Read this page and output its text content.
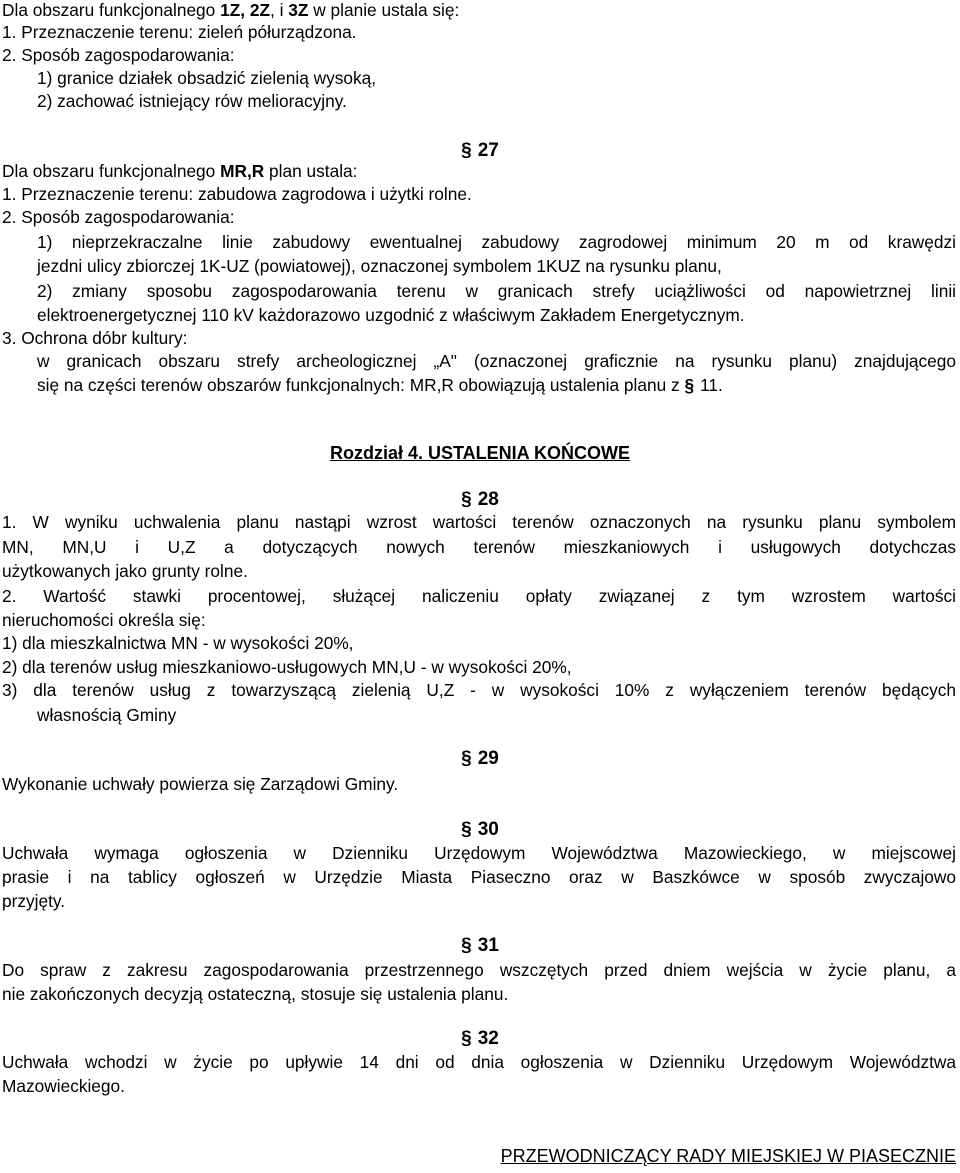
Dla obszaru funkcjonalnego 1Z, 2Z, i 3Z w planie ustala się:
1. Przeznaczenie terenu: zieleń półurządzona.
2. Sposób zagospodarowania:
1) granice działek obsadzić zielenią wysoką,
2) zachować istniejący rów melioracyjny.
§ 27
Dla obszaru funkcjonalnego MR,R plan ustala:
1. Przeznaczenie terenu: zabudowa zagrodowa i użytki rolne.
2. Sposób zagospodarowania:
1) nieprzekraczalne linie zabudowy ewentualnej zabudowy zagrodowej minimum 20 m od krawędzi
jezdni ulicy zbiorczej 1K-UZ (powiatowej), oznaczonej symbolem 1KUZ na rysunku planu,
2) zmiany sposobu zagospodarowania terenu w granicach strefy uciążliwości od napowietrznej linii
elektroenergetycznej 110 kV każdorazowo uzgodnić z właściwym Zakładem Energetycznym.
3. Ochrona dóbr kultury:
w granicach obszaru strefy archeologicznej „A" (oznaczonej graficznie na rysunku planu) znajdującego
się na części terenów obszarów funkcjonalnych: MR,R obowiązują ustalenia planu z § 11.
Rozdział 4. USTALENIA KOŃCOWE
§ 28
1. W wyniku uchwalenia planu nastąpi wzrost wartości terenów oznaczonych na rysunku planu symbolem
MN, MN,U i U,Z a dotyczących nowych terenów mieszkaniowych i usługowych dotychczas
użytkowanych jako grunty rolne.
2. Wartość stawki procentowej, służącej naliczeniu opłaty związanej z tym wzrostem wartości
nieruchomości określa się:
1) dla mieszkalnictwa MN - w wysokości 20%,
2) dla terenów usług mieszkaniowo-usługowych MN,U - w wysokości 20%,
3) dla terenów usług z towarzyszącą zielenią U,Z - w wysokości 10% z wyłączeniem terenów będących
własnością Gminy
§ 29
Wykonanie uchwały powierza się Zarządowi Gminy.
§ 30
Uchwała wymaga ogłoszenia w Dzienniku Urzędowym Województwa Mazowieckiego, w miejscowej
prasie i na tablicy ogłoszeń w Urzędzie Miasta Piaseczno oraz w Baszkówce w sposób zwyczajowo
przyjęty.
§ 31
Do spraw z zakresu zagospodarowania przestrzennego wszczętych przed dniem wejścia w życie planu, a
nie zakończonych decyzją ostateczną, stosuje się ustalenia planu.
§ 32
Uchwała wchodzi w życie po upływie 14 dni od dnia ogłoszenia w Dzienniku Urzędowym Województwa
Mazowieckiego.
PRZEWODNICZĄCY RADY MIEJSKIEJ W PIASECZNIE
